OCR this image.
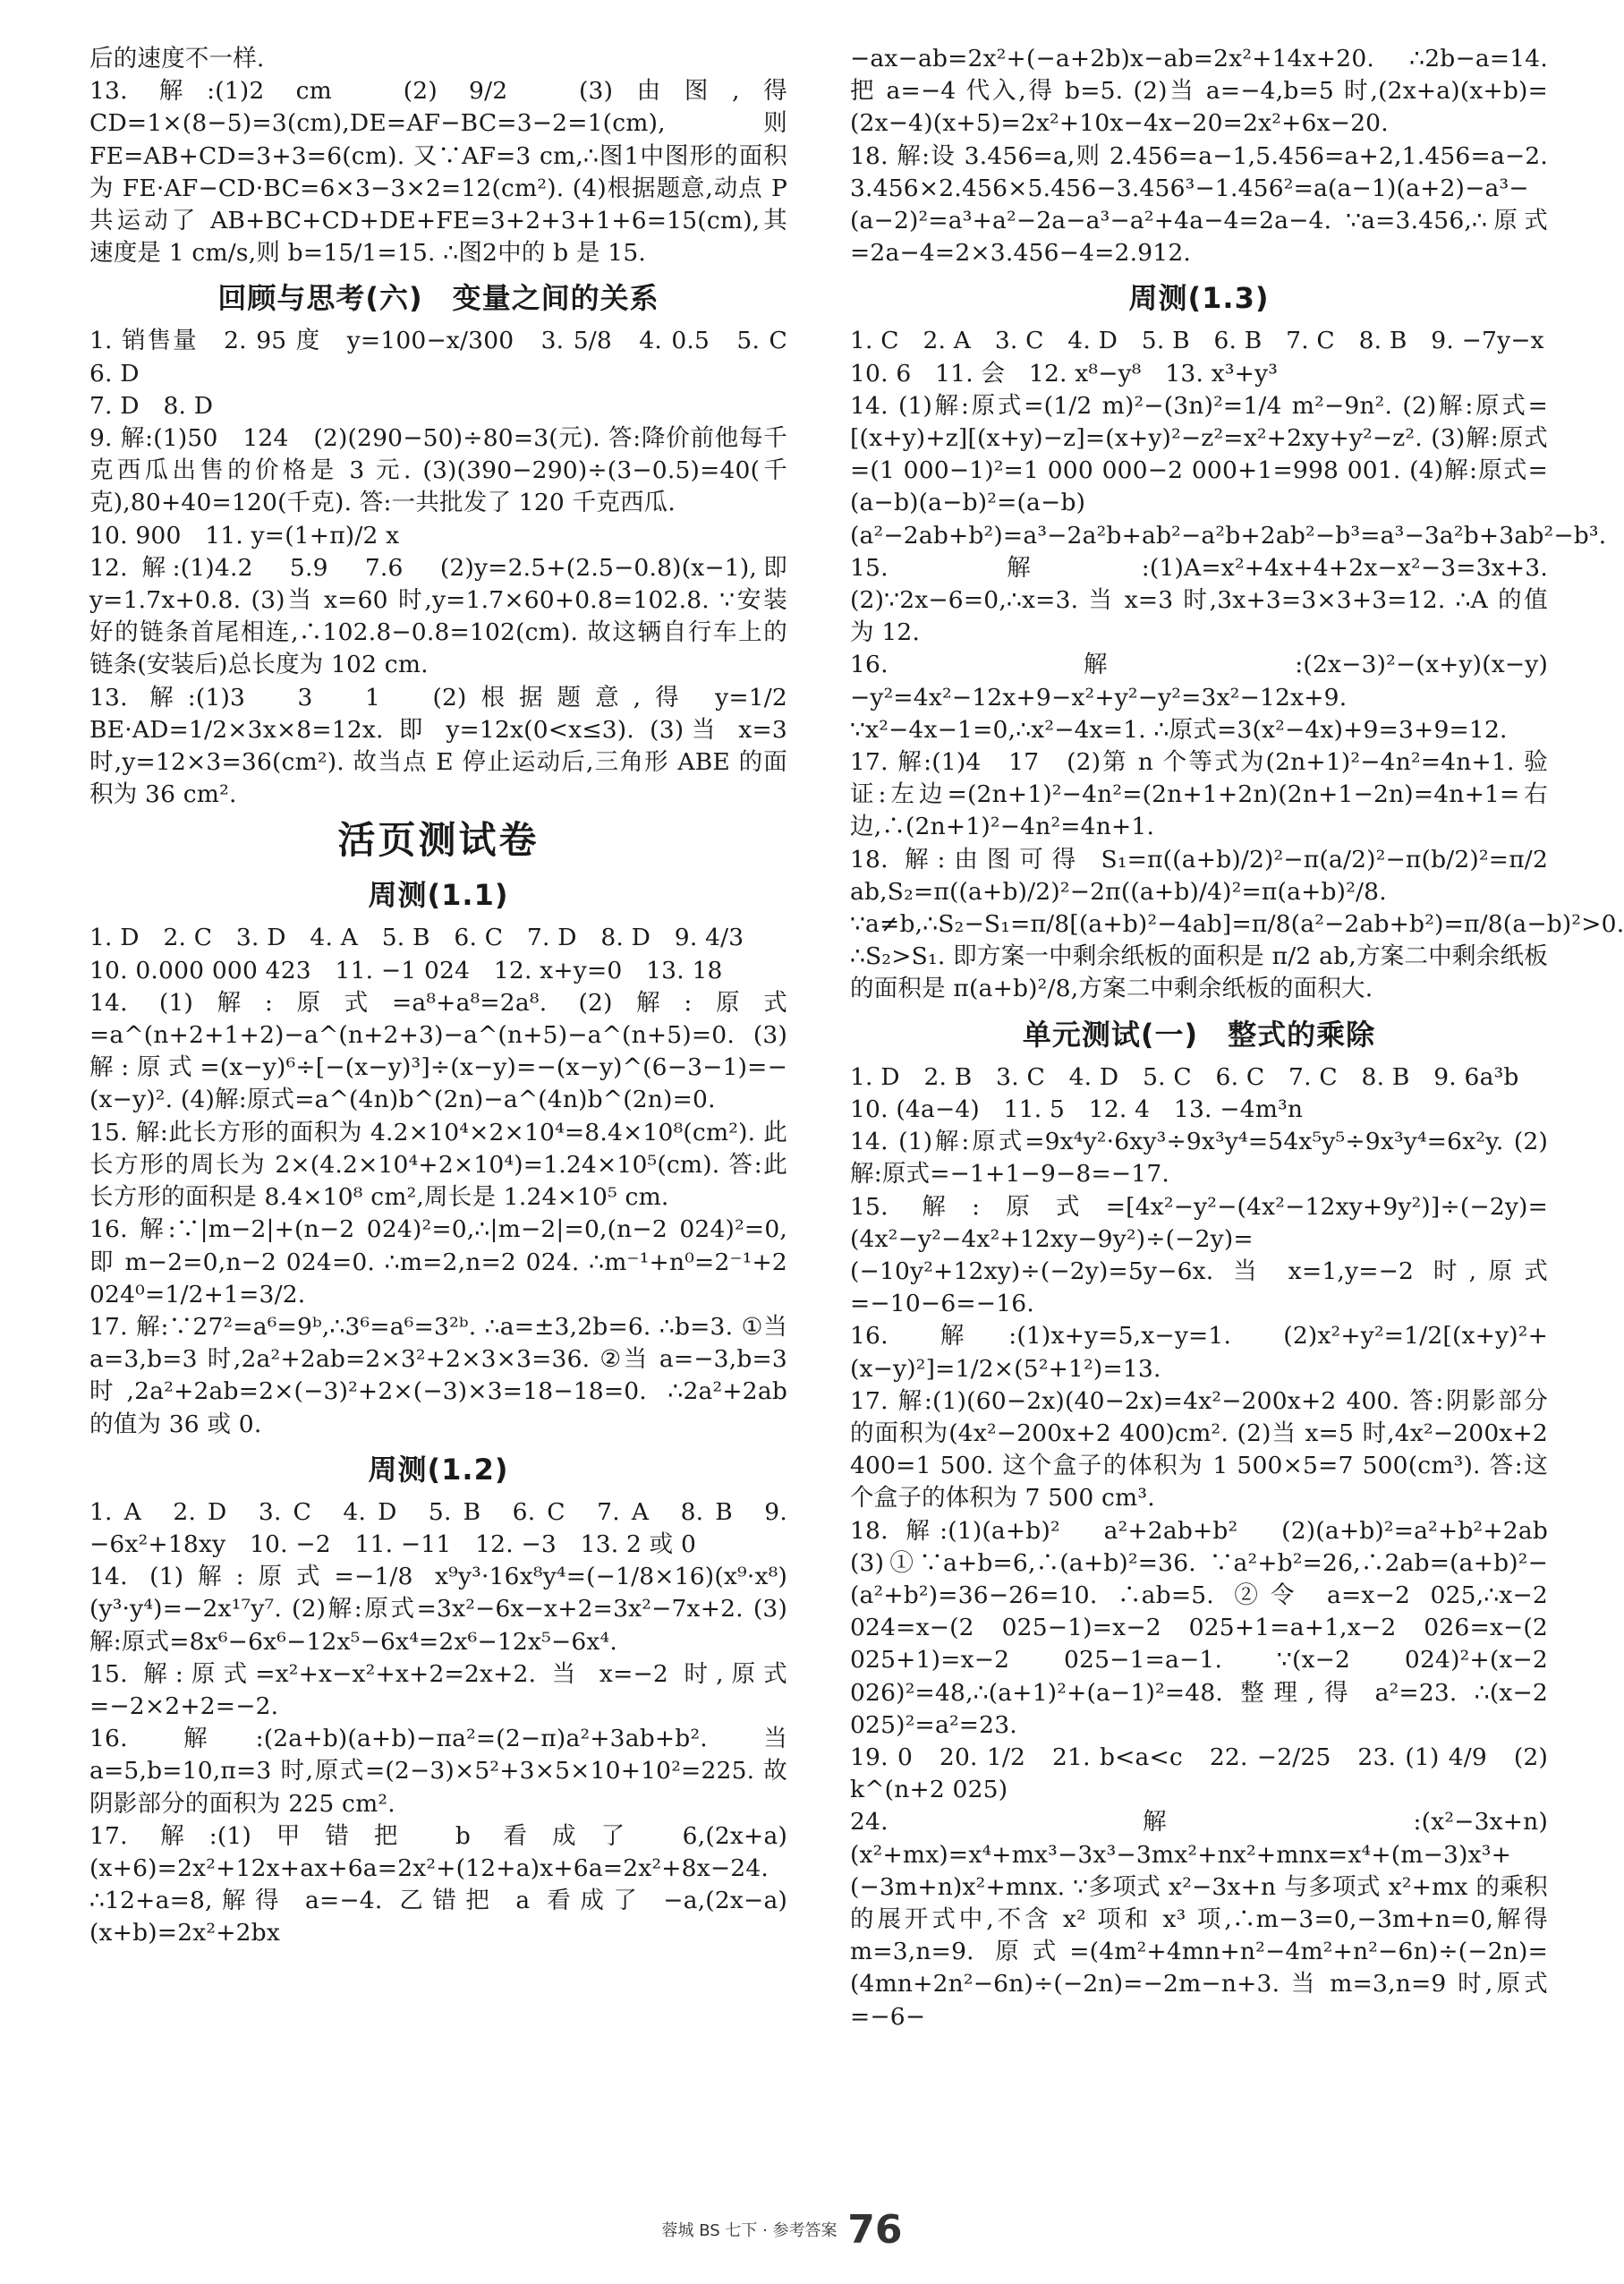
后的速度不一样.
13. 解:(1)2 cm　(2) 9/2　(3)由图,得 CD=1×(8−5)=3(cm),DE=AF−BC=3−2=1(cm),则 FE=AB+CD=3+3=6(cm). 又∵AF=3 cm,∴图1中图形的面积为 FE·AF−CD·BC=6×3−3×2=12(cm²). (4)根据题意,动点 P 共运动了 AB+BC+CD+DE+FE=3+2+3+1+6=15(cm),其速度是 1 cm/s,则 b=15/1=15. ∴图2中的 b 是 15.
回顾与思考(六)　变量之间的关系
1. 销售量　2. 95 度　y=100−x/300　3. 5/8　4. 0.5　5. C　6. D
7. D　8. D
9. 解:(1)50　124　(2)(290−50)÷80=3(元). 答:降价前他每千克西瓜出售的价格是 3 元. (3)(390−290)÷(3−0.5)=40(千克),80+40=120(千克). 答:一共批发了 120 千克西瓜.
10. 900　11. y=(1+π)/2 x
12. 解:(1)4.2　5.9　7.6　(2)y=2.5+(2.5−0.8)(x−1),即 y=1.7x+0.8. (3)当 x=60 时,y=1.7×60+0.8=102.8. ∵安装好的链条首尾相连,∴102.8−0.8=102(cm). 故这辆自行车上的链条(安装后)总长度为 102 cm.
13. 解:(1)3　3　1　(2)根据题意,得 y=1/2 BE·AD=1/2×3x×8=12x. 即 y=12x(0<x≤3). (3)当 x=3 时,y=12×3=36(cm²). 故当点 E 停止运动后,三角形 ABE 的面积为 36 cm².
活页测试卷
周测(1.1)
1. D　2. C　3. D　4. A　5. B　6. C　7. D　8. D　9. 4/3
10. 0.000 000 423　11. −1 024　12. x+y=0　13. 18
14. (1)解:原式=a⁸+a⁸=2a⁸. (2)解:原式=a^(n+2+1+2)−a^(n+2+3)−a^(n+5)−a^(n+5)=0. (3)解:原式=(x−y)⁶÷[−(x−y)³]÷(x−y)=−(x−y)^(6−3−1)=−(x−y)². (4)解:原式=a^(4n)b^(2n)−a^(4n)b^(2n)=0.
15. 解:此长方形的面积为 4.2×10⁴×2×10⁴=8.4×10⁸(cm²). 此长方形的周长为 2×(4.2×10⁴+2×10⁴)=1.24×10⁵(cm). 答:此长方形的面积是 8.4×10⁸ cm²,周长是 1.24×10⁵ cm.
16. 解:∵|m−2|+(n−2 024)²=0,∴|m−2|=0,(n−2 024)²=0,即 m−2=0,n−2 024=0. ∴m=2,n=2 024. ∴m⁻¹+n⁰=2⁻¹+2 024⁰=1/2+1=3/2.
17. 解:∵27²=a⁶=9ᵇ,∴3⁶=a⁶=3²ᵇ. ∴a=±3,2b=6. ∴b=3. ①当 a=3,b=3 时,2a²+2ab=2×3²+2×3×3=36. ②当 a=−3,b=3 时,2a²+2ab=2×(−3)²+2×(−3)×3=18−18=0. ∴2a²+2ab 的值为 36 或 0.
周测(1.2)
1. A　2. D　3. C　4. D　5. B　6. C　7. A　8. B　9. −6x²+18xy　10. −2　11. −11　12. −3　13. 2 或 0
14. (1)解:原式=−1/8 x⁹y³·16x⁸y⁴=(−1/8×16)(x⁹·x⁸)(y³·y⁴)=−2x¹⁷y⁷. (2)解:原式=3x²−6x−x+2=3x²−7x+2. (3)解:原式=8x⁶−6x⁶−12x⁵−6x⁴=2x⁶−12x⁵−6x⁴.
15. 解:原式=x²+x−x²+x+2=2x+2. 当 x=−2 时,原式=−2×2+2=−2.
16. 解:(2a+b)(a+b)−πa²=(2−π)a²+3ab+b². 当 a=5,b=10,π=3 时,原式=(2−3)×5²+3×5×10+10²=225. 故阴影部分的面积为 225 cm².
17. 解:(1)甲错把 b 看成了 6,(2x+a)(x+6)=2x²+12x+ax+6a=2x²+(12+a)x+6a=2x²+8x−24. ∴12+a=8,解得 a=−4. 乙错把 a 看成了 −a,(2x−a)(x+b)=2x²+2bx
−ax−ab=2x²+(−a+2b)x−ab=2x²+14x+20. ∴2b−a=14. 把 a=−4 代入,得 b=5. (2)当 a=−4,b=5 时,(2x+a)(x+b)=(2x−4)(x+5)=2x²+10x−4x−20=2x²+6x−20.
18. 解:设 3.456=a,则 2.456=a−1,5.456=a+2,1.456=a−2. 3.456×2.456×5.456−3.456³−1.456²=a(a−1)(a+2)−a³−(a−2)²=a³+a²−2a−a³−a²+4a−4=2a−4. ∵a=3.456,∴原式=2a−4=2×3.456−4=2.912.
周测(1.3)
1. C　2. A　3. C　4. D　5. B　6. B　7. C　8. B　9. −7y−x
10. 6　11. 会　12. x⁸−y⁸　13. x³+y³
14. (1)解:原式=(1/2 m)²−(3n)²=1/4 m²−9n². (2)解:原式=[(x+y)+z][(x+y)−z]=(x+y)²−z²=x²+2xy+y²−z². (3)解:原式=(1 000−1)²=1 000 000−2 000+1=998 001. (4)解:原式=(a−b)(a−b)²=(a−b)(a²−2ab+b²)=a³−2a²b+ab²−a²b+2ab²−b³=a³−3a²b+3ab²−b³.
15. 解:(1)A=x²+4x+4+2x−x²−3=3x+3. (2)∵2x−6=0,∴x=3. 当 x=3 时,3x+3=3×3+3=12. ∴A 的值为 12.
16. 解:(2x−3)²−(x+y)(x−y)−y²=4x²−12x+9−x²+y²−y²=3x²−12x+9. ∵x²−4x−1=0,∴x²−4x=1. ∴原式=3(x²−4x)+9=3+9=12.
17. 解:(1)4　17　(2)第 n 个等式为(2n+1)²−4n²=4n+1. 验证:左边=(2n+1)²−4n²=(2n+1+2n)(2n+1−2n)=4n+1=右边,∴(2n+1)²−4n²=4n+1.
18. 解:由图可得 S₁=π((a+b)/2)²−π(a/2)²−π(b/2)²=π/2 ab,S₂=π((a+b)/2)²−2π((a+b)/4)²=π(a+b)²/8. ∵a≠b,∴S₂−S₁=π/8[(a+b)²−4ab]=π/8(a²−2ab+b²)=π/8(a−b)²>0. ∴S₂>S₁. 即方案一中剩余纸板的面积是 π/2 ab,方案二中剩余纸板的面积是 π(a+b)²/8,方案二中剩余纸板的面积大.
单元测试(一)　整式的乘除
1. D　2. B　3. C　4. D　5. C　6. C　7. C　8. B　9. 6a³b
10. (4a−4)　11. 5　12. 4　13. −4m³n
14. (1)解:原式=9x⁴y²·6xy³÷9x³y⁴=54x⁵y⁵÷9x³y⁴=6x²y. (2)解:原式=−1+1−9−8=−17.
15. 解:原式=[4x²−y²−(4x²−12xy+9y²)]÷(−2y)=(4x²−y²−4x²+12xy−9y²)÷(−2y)=(−10y²+12xy)÷(−2y)=5y−6x. 当 x=1,y=−2 时,原式=−10−6=−16.
16. 解:(1)x+y=5,x−y=1. (2)x²+y²=1/2[(x+y)²+(x−y)²]=1/2×(5²+1²)=13.
17. 解:(1)(60−2x)(40−2x)=4x²−200x+2 400. 答:阴影部分的面积为(4x²−200x+2 400)cm². (2)当 x=5 时,4x²−200x+2 400=1 500. 这个盒子的体积为 1 500×5=7 500(cm³). 答:这个盒子的体积为 7 500 cm³.
18. 解:(1)(a+b)²　a²+2ab+b²　(2)(a+b)²=a²+b²+2ab　(3)①∵a+b=6,∴(a+b)²=36. ∵a²+b²=26,∴2ab=(a+b)²−(a²+b²)=36−26=10. ∴ab=5. ②令 a=x−2 025,∴x−2 024=x−(2 025−1)=x−2 025+1=a+1,x−2 026=x−(2 025+1)=x−2 025−1=a−1. ∵(x−2 024)²+(x−2 026)²=48,∴(a+1)²+(a−1)²=48. 整理,得 a²=23. ∴(x−2 025)²=a²=23.
19. 0　20. 1/2　21. b<a<c　22. −2/25　23. (1) 4/9　(2) k^(n+2 025)
24. 解:(x²−3x+n)(x²+mx)=x⁴+mx³−3x³−3mx²+nx²+mnx=x⁴+(m−3)x³+(−3m+n)x²+mnx. ∵多项式 x²−3x+n 与多项式 x²+mx 的乘积的展开式中,不含 x² 项和 x³ 项,∴m−3=0,−3m+n=0,解得 m=3,n=9. 原式=(4m²+4mn+n²−4m²+n²−6n)÷(−2n)=(4mn+2n²−6n)÷(−2n)=−2m−n+3. 当 m=3,n=9 时,原式=−6−
蓉城 BS 七下 · 参考答案 76
